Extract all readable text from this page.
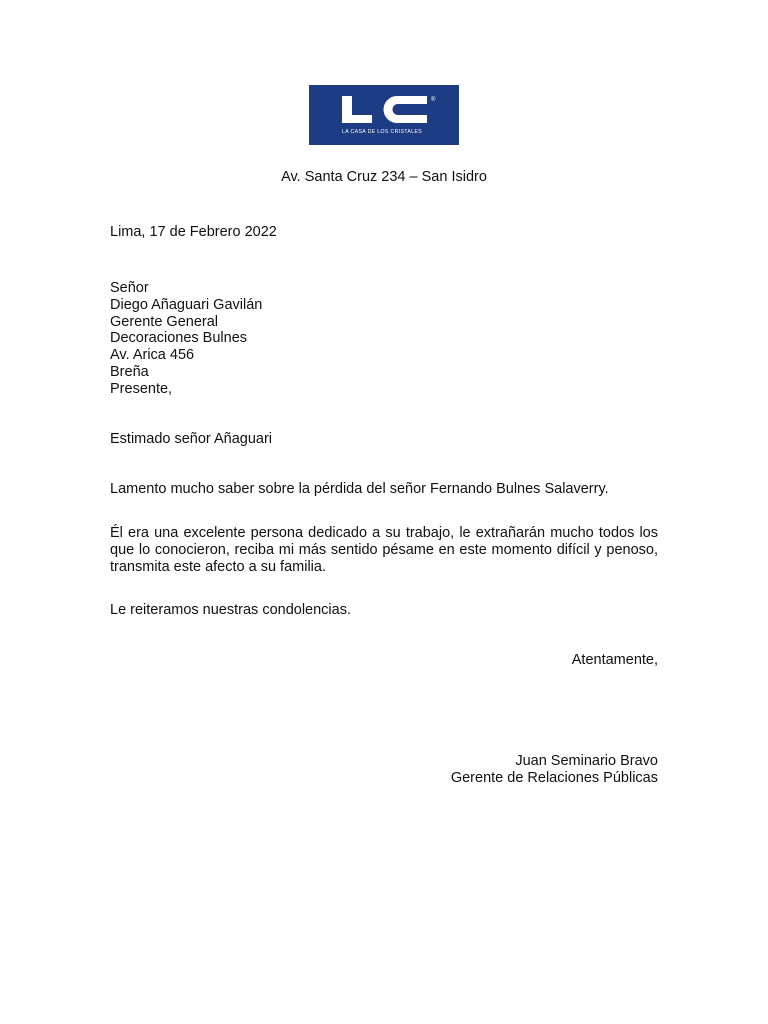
®
LA CASA DE LOS CRISTALES
Av. Santa Cruz 234 – San Isidro
Lima, 17 de Febrero 2022
Señor
Diego Añaguari Gavilán
Gerente General
Decoraciones Bulnes
Av. Arica 456
Breña
Presente,
Estimado señor Añaguari
Lamento mucho saber sobre la pérdida del señor Fernando Bulnes Salaverry.
Él era una excelente persona dedicado a su trabajo, le extrañarán mucho todos los que lo conocieron, reciba mi más sentido pésame en este momento difícil y penoso, transmita este afecto a su familia.
Le reiteramos nuestras condolencias.
Atentamente,
Juan Seminario Bravo
Gerente de Relaciones Públicas
